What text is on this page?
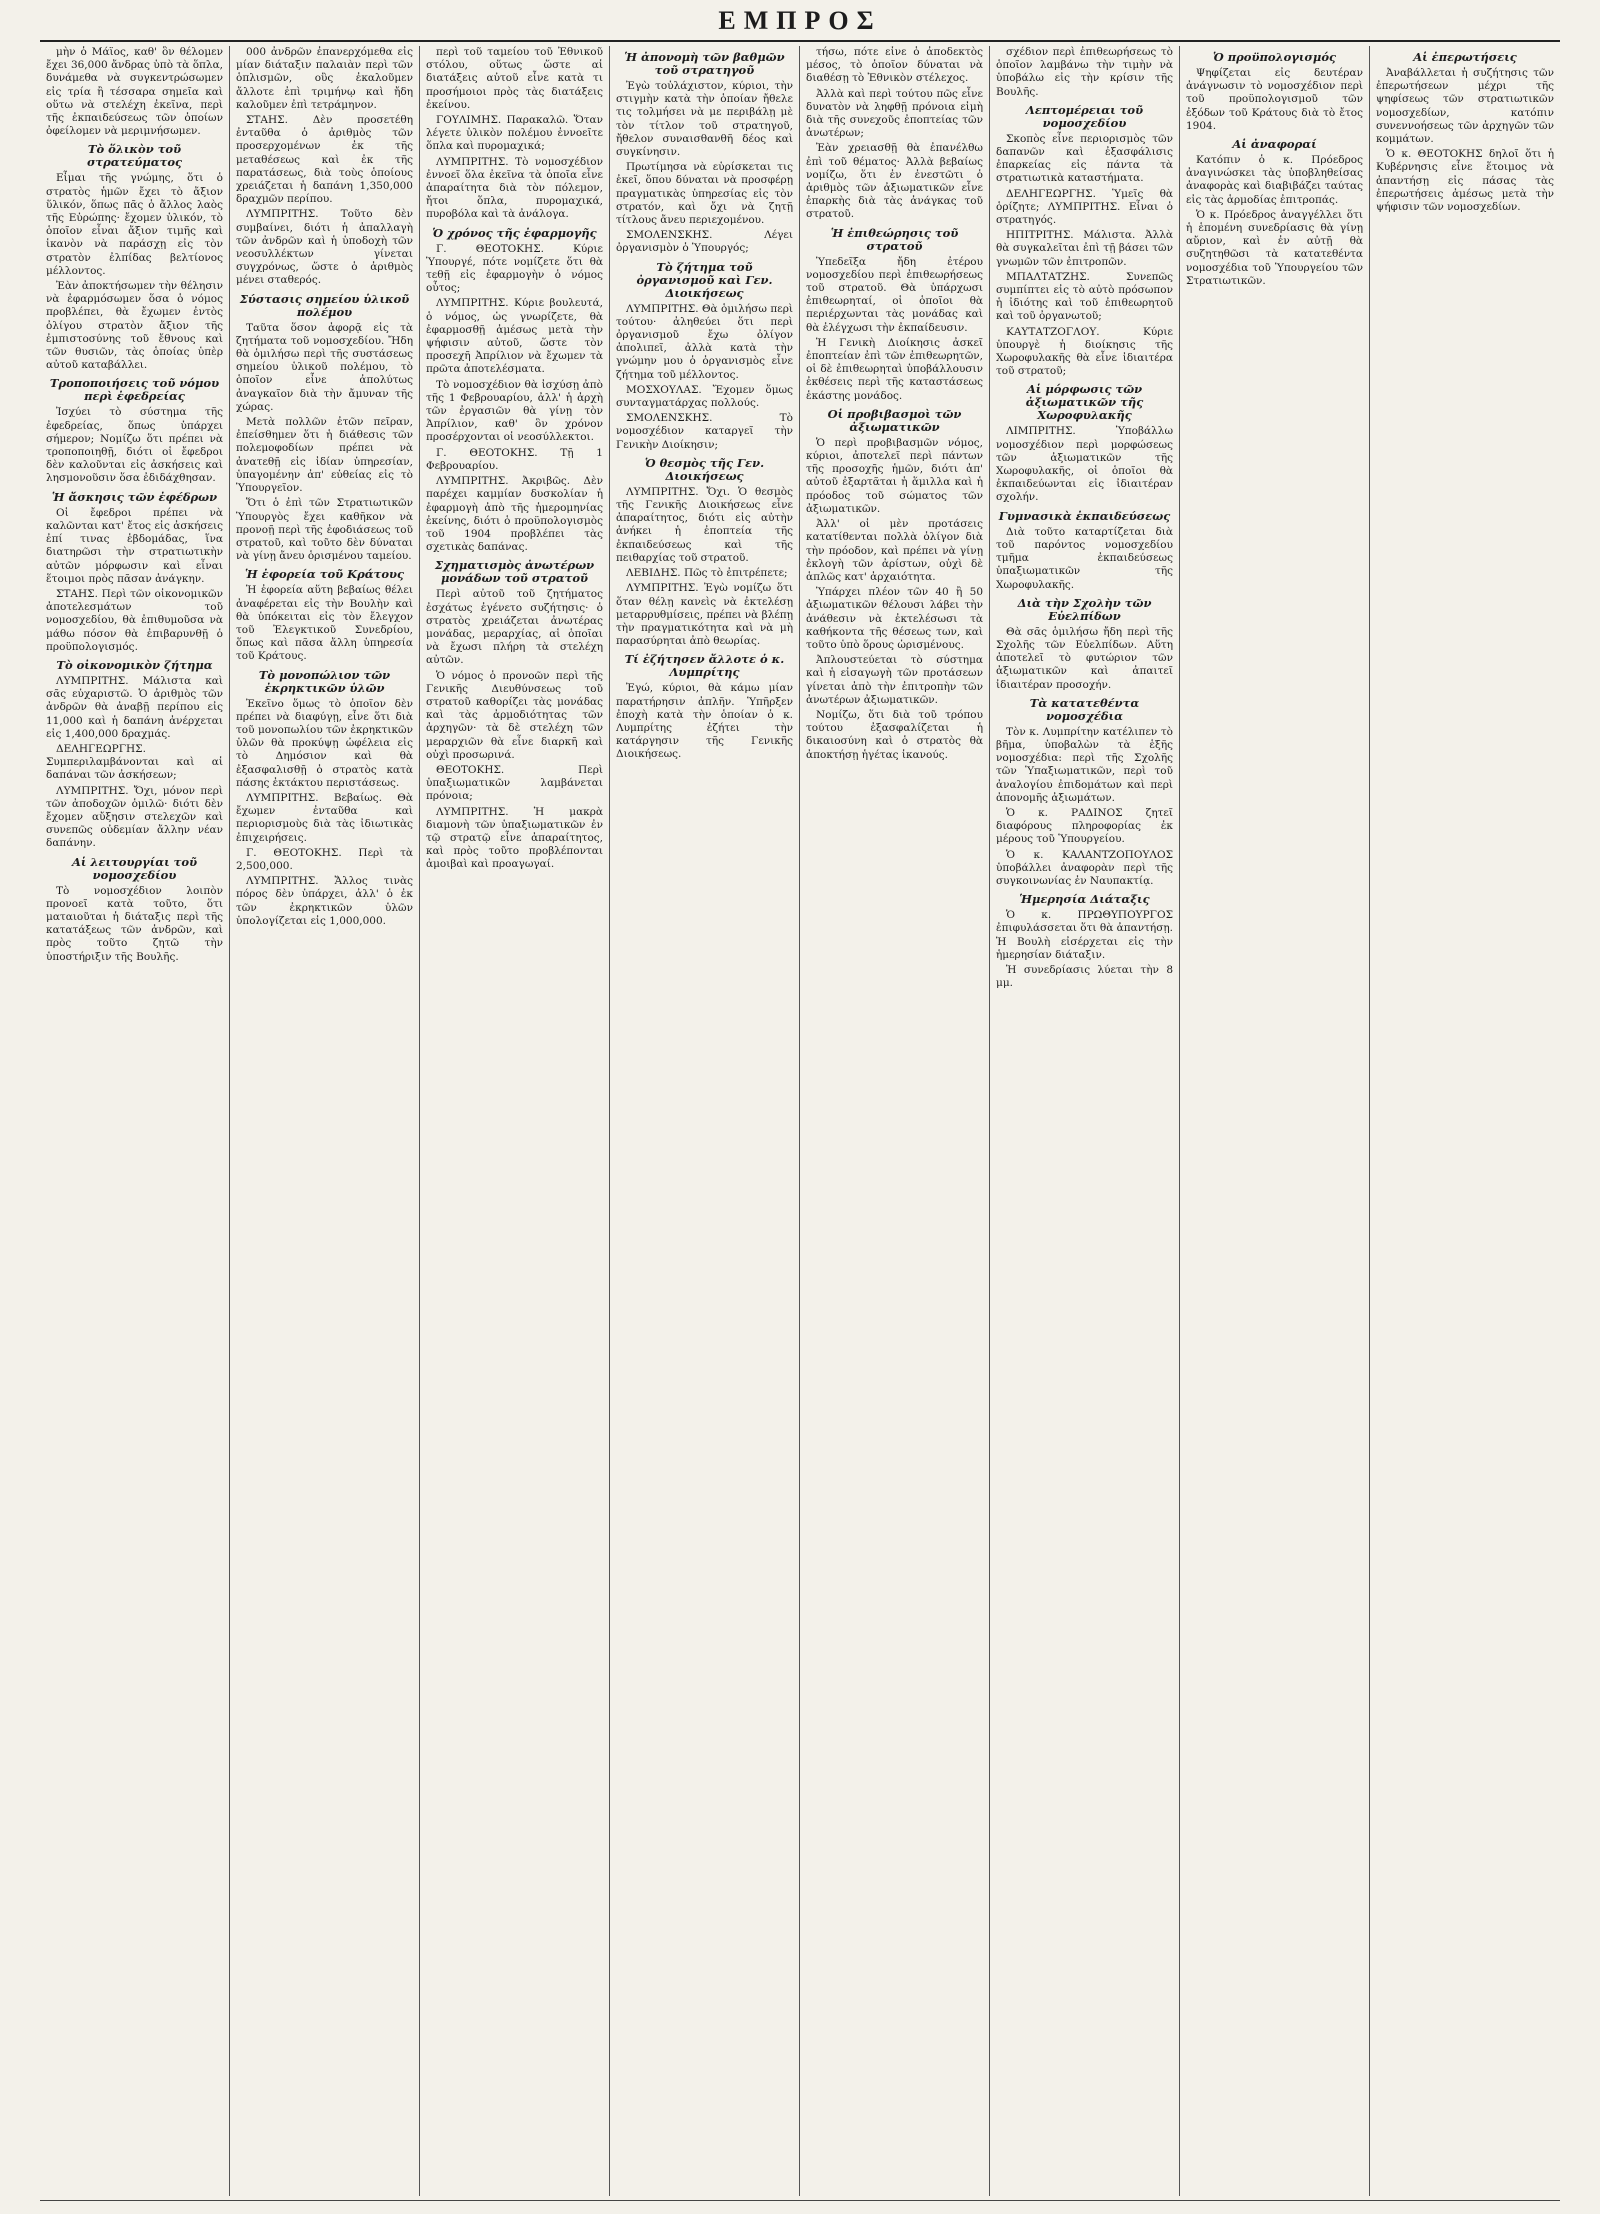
ΕΜΠΡΟΣ

μὴν ὁ Μάϊος, καθ' ὃν θέλομεν ἔχει 36,000 ἄνδρας ὑπὸ τὰ ὅπλα, δυνάμεθα νὰ συγκεντρώσωμεν εἰς τρία ἢ τέσσαρα σημεῖα καὶ οὕτω νὰ στελέχη ἐκεῖνα, περὶ τῆς ἐκπαιδεύσεως τῶν ὁποίων ὀφείλομεν νὰ μεριμνήσωμεν.

Τὸ ὅλικὸν τοῦ στρατεύματος

Εἶμαι τῆς γνώμης, ὅτι ὁ στρατὸς ἡμῶν ἔχει τὸ ἄξιον ὕλικόν, ὅπως πᾶς ὁ ἄλλος λαὸς τῆς Εὐρώπης· ἔχομεν ὑλικόν, τὸ ὁποῖον εἶναι ἄξιον τιμῆς καὶ ἱκανὸν νὰ παράσχῃ εἰς τὸν στρατὸν ἐλπίδας βελτίονος μέλλοντος.

Ἐὰν ἀποκτήσωμεν τὴν θέλησιν νὰ ἐφαρμόσωμεν ὅσα ὁ νόμος προβλέπει, θὰ ἔχωμεν ἐντὸς ὀλίγου στρατὸν ἄξιον τῆς ἐμπιστοσύνης τοῦ ἔθνους καὶ τῶν θυσιῶν, τὰς ὁποίας ὑπὲρ αὐτοῦ καταβάλλει.

Τροποποιήσεις τοῦ νόμου περὶ ἐφεδρείας

Ἰσχύει τὸ σύστημα τῆς ἐφεδρείας, ὅπως ὑπάρχει σήμερον; Νομίζω ὅτι πρέπει νὰ τροποποιηθῇ, διότι οἱ ἔφεδροι δὲν καλοῦνται εἰς ἀσκήσεις καὶ λησμονοῦσιν ὅσα ἐδιδάχθησαν.

Ἡ ἄσκησις τῶν ἐφέδρων

Οἱ ἔφεδροι πρέπει νὰ καλῶνται κατ' ἔτος εἰς ἀσκήσεις ἐπί τινας ἑβδομάδας, ἵνα διατηρῶσι τὴν στρατιωτικὴν αὐτῶν μόρφωσιν καὶ εἶναι ἕτοιμοι πρὸς πᾶσαν ἀνάγκην.

ΣΤΑΗΣ. Περὶ τῶν οἰκονομικῶν ἀποτελεσμάτων τοῦ νομοσχεδίου, θὰ ἐπιθυμοῦσα νὰ μάθω πόσον θὰ ἐπιβαρυνθῇ ὁ προϋπολογισμός.

Τὸ οἰκονομικὸν ζήτημα

ΛΥΜΠΡΙΤΗΣ. Μάλιστα καὶ σᾶς εὐχαριστῶ. Ὁ ἀριθμὸς τῶν ἀνδρῶν θὰ ἀναβῇ περίπου εἰς 11,000 καὶ ἡ δαπάνη ἀνέρχεται εἰς 1,400,000 δραχμάς.

ΔΕΛΗΓΕΩΡΓΗΣ. Συμπεριλαμβάνονται καὶ αἱ δαπάναι τῶν ἀσκήσεων;

ΛΥΜΠΡΙΤΗΣ. Ὄχι, μόνον περὶ τῶν ἀποδοχῶν ὁμιλῶ· διότι δὲν ἔχομεν αὔξησιν στελεχῶν καὶ συνεπῶς οὐδεμίαν ἄλλην νέαν δαπάνην.

Αἱ λειτουργίαι τοῦ νομοσχεδίου

Τὸ νομοσχέδιον λοιπὸν προνοεῖ κατὰ τοῦτο, ὅτι ματαιοῦται ἡ διάταξις περὶ τῆς κατατάξεως τῶν ἀνδρῶν, καὶ πρὸς τοῦτο ζητῶ τὴν ὑποστήριξιν τῆς Βουλῆς.

000 ἀνδρῶν ἐπανερχόμεθα εἰς μίαν διάταξιν παλαιὰν περὶ τῶν ὁπλισμῶν, οὓς ἐκαλοῦμεν ἄλλοτε ἐπὶ τριμήνῳ καὶ ἤδη καλοῦμεν ἐπὶ τετράμηνον.

ΣΤΑΗΣ. Δὲν προσετέθη ἐνταῦθα ὁ ἀριθμὸς τῶν προσερχομένων ἐκ τῆς μεταθέσεως καὶ ἐκ τῆς παρατάσεως, διὰ τοὺς ὁποίους χρειάζεται ἡ δαπάνη 1,350,000 δραχμῶν περίπου.

ΛΥΜΠΡΙΤΗΣ. Τοῦτο δὲν συμβαίνει, διότι ἡ ἀπαλλαγὴ τῶν ἀνδρῶν καὶ ἡ ὑποδοχὴ τῶν νεοσυλλέκτων γίνεται συγχρόνως, ὥστε ὁ ἀριθμὸς μένει σταθερός.

Σύστασις σημείου ὑλικοῦ πολέμου

Ταῦτα ὅσον ἀφορᾷ εἰς τὰ ζητήματα τοῦ νομοσχεδίου. Ἤδη θὰ ὁμιλήσω περὶ τῆς συστάσεως σημείου ὑλικοῦ πολέμου, τὸ ὁποῖον εἶνε ἀπολύτως ἀναγκαῖον διὰ τὴν ἄμυναν τῆς χώρας.

Μετὰ πολλῶν ἐτῶν πεῖραν, ἐπείσθημεν ὅτι ἡ διάθεσις τῶν πολεμοφοδίων πρέπει νὰ ἀνατεθῇ εἰς ἰδίαν ὑπηρεσίαν, ὑπαγομένην ἀπ' εὐθείας εἰς τὸ Ὑπουργεῖον.

Ὅτι ὁ ἐπὶ τῶν Στρατιωτικῶν Ὑπουργὸς ἔχει καθῆκον νὰ προνοῇ περὶ τῆς ἐφοδιάσεως τοῦ στρατοῦ, καὶ τοῦτο δὲν δύναται νὰ γίνῃ ἄνευ ὁρισμένου ταμείου.

Ἡ ἐφορεία τοῦ Κράτους

Ἡ ἐφορεία αὕτη βεβαίως θέλει ἀναφέρεται εἰς τὴν Βουλὴν καὶ θὰ ὑπόκειται εἰς τὸν ἔλεγχον τοῦ Ἐλεγκτικοῦ Συνεδρίου, ὅπως καὶ πᾶσα ἄλλη ὑπηρεσία τοῦ Κράτους.

Τὸ μονοπώλιον τῶν ἐκρηκτικῶν ὑλῶν

Ἐκεῖνο ὅμως τὸ ὁποῖον δὲν πρέπει νὰ διαφύγῃ, εἶνε ὅτι διὰ τοῦ μονοπωλίου τῶν ἐκρηκτικῶν ὑλῶν θὰ προκύψῃ ὠφέλεια εἰς τὸ Δημόσιον καὶ θὰ ἐξασφαλισθῇ ὁ στρατὸς κατὰ πάσης ἐκτάκτου περιστάσεως.

ΛΥΜΠΡΙΤΗΣ. Βεβαίως. Θὰ ἔχωμεν ἐνταῦθα καὶ περιορισμοὺς διὰ τὰς ἰδιωτικὰς ἐπιχειρήσεις.

Γ. ΘΕΟΤΟΚΗΣ. Περὶ τὰ 2,500,000.

ΛΥΜΠΡΙΤΗΣ. Ἄλλος τινὰς πόρος δὲν ὑπάρχει, ἀλλ' ὁ ἐκ τῶν ἐκρηκτικῶν ὑλῶν ὑπολογίζεται εἰς 1,000,000.

περὶ τοῦ ταμείου τοῦ Ἐθνικοῦ στόλου, οὕτως ὥστε αἱ διατάξεις αὐτοῦ εἶνε κατὰ τι προσήμοιοι πρὸς τὰς διατάξεις ἐκείνου.

ΓΟΥΛΙΜΗΣ. Παρακαλῶ. Ὅταν λέγετε ὑλικὸν πολέμου ἐννοεῖτε ὅπλα καὶ πυρομαχικά;

ΛΥΜΠΡΙΤΗΣ. Τὸ νομοσχέδιον ἐννοεῖ ὅλα ἐκεῖνα τὰ ὁποῖα εἶνε ἀπαραίτητα διὰ τὸν πόλεμον, ἤτοι ὅπλα, πυρομαχικά, πυροβόλα καὶ τὰ ἀνάλογα.

Ὁ χρόνος τῆς ἐφαρμογῆς

Γ. ΘΕΟΤΟΚΗΣ. Κύριε Ὑπουργέ, πότε νομίζετε ὅτι θὰ τεθῇ εἰς ἐφαρμογὴν ὁ νόμος οὗτος;

ΛΥΜΠΡΙΤΗΣ. Κύριε βουλευτά, ὁ νόμος, ὡς γνωρίζετε, θὰ ἐφαρμοσθῇ ἀμέσως μετὰ τὴν ψήφισιν αὐτοῦ, ὥστε τὸν προσεχῆ Ἀπρίλιον νὰ ἔχωμεν τὰ πρῶτα ἀποτελέσματα.

Τὸ νομοσχέδιον θὰ ἰσχύσῃ ἀπὸ τῆς 1 Φεβρουαρίου, ἀλλ' ἡ ἀρχὴ τῶν ἐργασιῶν θὰ γίνῃ τὸν Ἀπρίλιον, καθ' ὃν χρόνον προσέρχονται οἱ νεοσύλλεκτοι.

Γ. ΘΕΟΤΟΚΗΣ. Τῇ 1 Φεβρουαρίου.

ΛΥΜΠΡΙΤΗΣ. Ἀκριβῶς. Δὲν παρέχει καμμίαν δυσκολίαν ἡ ἐφαρμογὴ ἀπὸ τῆς ἡμερομηνίας ἐκείνης, διότι ὁ προϋπολογισμὸς τοῦ 1904 προβλέπει τὰς σχετικὰς δαπάνας.

Σχηματισμὸς ἀνωτέρων μονάδων τοῦ στρατοῦ

Περὶ αὐτοῦ τοῦ ζητήματος ἐσχάτως ἐγένετο συζήτησις· ὁ στρατὸς χρειάζεται ἀνωτέρας μονάδας, μεραρχίας, αἱ ὁποῖαι νὰ ἔχωσι πλήρη τὰ στελέχη αὐτῶν.

Ὁ νόμος ὁ προνοῶν περὶ τῆς Γενικῆς Διευθύνσεως τοῦ στρατοῦ καθορίζει τὰς μονάδας καὶ τὰς ἀρμοδιότητας τῶν ἀρχηγῶν· τὰ δὲ στελέχη τῶν μεραρχιῶν θὰ εἶνε διαρκῆ καὶ οὐχὶ προσωρινά.

ΘΕΟΤΟΚΗΣ. Περὶ ὑπαξιωματικῶν λαμβάνεται πρόνοια;

ΛΥΜΠΡΙΤΗΣ. Ἡ μακρὰ διαμονὴ τῶν ὑπαξιωματικῶν ἐν τῷ στρατῷ εἶνε ἀπαραίτητος, καὶ πρὸς τοῦτο προβλέπονται ἀμοιβαὶ καὶ προαγωγαί.

Ἡ ἀπονομὴ τῶν βαθμῶν τοῦ στρατηγοῦ

Ἐγὼ τοὐλάχιστον, κύριοι, τὴν στιγμὴν κατὰ τὴν ὁποίαν ἤθελε τις τολμήσει νὰ με περιβάλῃ μὲ τὸν τίτλον τοῦ στρατηγοῦ, ἤθελον συναισθανθῆ δέος καὶ συγκίνησιν.

Πρωτίμησα νὰ εὑρίσκεται τις ἐκεῖ, ὅπου δύναται νὰ προσφέρῃ πραγματικὰς ὑπηρεσίας εἰς τὸν στρατόν, καὶ ὄχι νὰ ζητῇ τίτλους ἄνευ περιεχομένου.

ΣΜΟΛΕΝΣΚΗΣ. Λέγει ὀργανισμὸν ὁ Ὑπουργός;

Τὸ ζήτημα τοῦ ὀργανισμοῦ καὶ Γεν. Διοικήσεως

ΛΥΜΠΡΙΤΗΣ. Θὰ ὁμιλήσω περὶ τούτου· ἀληθεύει ὅτι περὶ ὀργανισμοῦ ἔχω ὀλίγον ἀπολιπεῖ, ἀλλὰ κατὰ τὴν γνώμην μου ὁ ὀργανισμὸς εἶνε ζήτημα τοῦ μέλλοντος.

ΜΟΣΧΟΥΛΑΣ. Ἔχομεν ὅμως συνταγματάρχας πολλούς.

ΣΜΟΛΕΝΣΚΗΣ. Τὸ νομοσχέδιον καταργεῖ τὴν Γενικὴν Διοίκησιν;

Ὁ θεσμὸς τῆς Γεν. Διοικήσεως

ΛΥΜΠΡΙΤΗΣ. Ὄχι. Ὁ θεσμὸς τῆς Γενικῆς Διοικήσεως εἶνε ἀπαραίτητος, διότι εἰς αὐτὴν ἀνήκει ἡ ἐποπτεία τῆς ἐκπαιδεύσεως καὶ τῆς πειθαρχίας τοῦ στρατοῦ.

ΛΕΒΙΔΗΣ. Πῶς τὸ ἐπιτρέπετε;

ΛΥΜΠΡΙΤΗΣ. Ἐγὼ νομίζω ὅτι ὅταν θέλῃ κανεὶς νὰ ἐκτελέσῃ μεταρρυθμίσεις, πρέπει νὰ βλέπῃ τὴν πραγματικότητα καὶ νὰ μὴ παρασύρηται ἀπὸ θεωρίας.

Τί ἐζήτησεν ἄλλοτε ὁ κ. Λυμπρίτης

Ἐγώ, κύριοι, θὰ κάμω μίαν παρατήρησιν ἀπλῆν. Ὑπῆρξεν ἐποχὴ κατὰ τὴν ὁποίαν ὁ κ. Λυμπρίτης ἐζήτει τὴν κατάργησιν τῆς Γενικῆς Διοικήσεως.

τήσω, πότε εἶνε ὁ ἀποδεκτὸς μέσος, τὸ ὁποῖον δύναται νὰ διαθέσῃ τὸ Ἐθνικὸν στέλεχος.

Ἀλλὰ καὶ περὶ τούτου πῶς εἶνε δυνατὸν νὰ ληφθῇ πρόνοια εἰμὴ διὰ τῆς συνεχοῦς ἐποπτείας τῶν ἀνωτέρων;

Ἐὰν χρειασθῇ θὰ ἐπανέλθω ἐπὶ τοῦ θέματος· Ἀλλὰ βεβαίως νομίζω, ὅτι ἐν ἐνεστῶτι ὁ ἀριθμὸς τῶν ἀξιωματικῶν εἶνε ἐπαρκὴς διὰ τὰς ἀνάγκας τοῦ στρατοῦ.

Ἡ ἐπιθεώρησις τοῦ στρατοῦ

Ὑπεδεῖξα ἤδη ἐτέρου νομοσχεδίου περὶ ἐπιθεωρήσεως τοῦ στρατοῦ. Θὰ ὑπάρχωσι ἐπιθεωρηταί, οἱ ὁποῖοι θὰ περιέρχωνται τὰς μονάδας καὶ θὰ ἐλέγχωσι τὴν ἐκπαίδευσιν.

Ἡ Γενικὴ Διοίκησις ἀσκεῖ ἐποπτείαν ἐπὶ τῶν ἐπιθεωρητῶν, οἱ δὲ ἐπιθεωρηταὶ ὑποβάλλουσιν ἐκθέσεις περὶ τῆς καταστάσεως ἑκάστης μονάδος.

Οἱ προβιβασμοὶ τῶν ἀξιωματικῶν

Ὁ περὶ προβιβασμῶν νόμος, κύριοι, ἀποτελεῖ περὶ πάντων τῆς προσοχῆς ἡμῶν, διότι ἀπ' αὐτοῦ ἐξαρτᾶται ἡ ἅμιλλα καὶ ἡ πρόοδος τοῦ σώματος τῶν ἀξιωματικῶν.

Ἀλλ' οἱ μὲν προτάσεις κατατίθενται πολλὰ ὀλίγον διὰ τὴν πρόοδον, καὶ πρέπει νὰ γίνῃ ἐκλογὴ τῶν ἀρίστων, οὐχὶ δὲ ἁπλῶς κατ' ἀρχαιότητα.

Ὑπάρχει πλέον τῶν 40 ἢ 50 ἀξιωματικῶν θέλουσι λάβει τὴν ἀνάθεσιν νὰ ἐκτελέσωσι τὰ καθήκοντα τῆς θέσεως των, καὶ τοῦτο ὑπὸ ὅρους ὡρισμένους.

Ἀπλουστεύεται τὸ σύστημα καὶ ἡ εἰσαγωγὴ τῶν προτάσεων γίνεται ἀπὸ τὴν ἐπιτροπὴν τῶν ἀνωτέρων ἀξιωματικῶν.

Νομίζω, ὅτι διὰ τοῦ τρόπου τούτου ἐξασφαλίζεται ἡ δικαιοσύνη καὶ ὁ στρατὸς θὰ ἀποκτήσῃ ἡγέτας ἱκανούς.

σχέδιον περὶ ἐπιθεωρήσεως τὸ ὁποῖον λαμβάνω τὴν τιμὴν νὰ ὑποβάλω εἰς τὴν κρίσιν τῆς Βουλῆς.

Λεπτομέρειαι τοῦ νομοσχεδίου

Σκοπὸς εἶνε περιορισμὸς τῶν δαπανῶν καὶ ἐξασφάλισις ἐπαρκείας εἰς πάντα τὰ στρατιωτικὰ καταστήματα.

ΔΕΛΗΓΕΩΡΓΗΣ. Ὑμεῖς θὰ ὁρίζητε; ΛΥΜΠΡΙΤΗΣ. Εἶναι ὁ στρατηγός.

ΗΠΙΤΡΙΤΗΣ. Μάλιστα. Ἀλλὰ θὰ συγκαλεῖται ἐπὶ τῇ βάσει τῶν γνωμῶν τῶν ἐπιτροπῶν.

ΜΠΑΛΤΑΤΖΗΣ. Συνεπῶς συμπίπτει εἰς τὸ αὐτὸ πρόσωπον ἡ ἰδιότης καὶ τοῦ ἐπιθεωρητοῦ καὶ τοῦ ὀργανωτοῦ;

ΚΑΥΤΑΤΖΟΓΛΟΥ. Κύριε ὑπουργὲ ἡ διοίκησις τῆς Χωροφυλακῆς θὰ εἶνε ἰδιαιτέρα τοῦ στρατοῦ;

Αἱ μόρφωσις τῶν ἀξιωματικῶν τῆς Χωροφυλακῆς

ΛΙΜΠΡΙΤΗΣ. Ὑποβάλλω νομοσχέδιον περὶ μορφώσεως τῶν ἀξιωματικῶν τῆς Χωροφυλακῆς, οἱ ὁποῖοι θὰ ἐκπαιδεύωνται εἰς ἰδιαιτέραν σχολήν.

Γυμνασικὰ ἐκπαιδεύσεως

Διὰ τοῦτο καταρτίζεται διὰ τοῦ παρόντος νομοσχεδίου τμῆμα ἐκπαιδεύσεως ὑπαξιωματικῶν τῆς Χωροφυλακῆς.

Διὰ τὴν Σχολὴν τῶν Εὐελπίδων

Θὰ σᾶς ὁμιλήσω ἤδη περὶ τῆς Σχολῆς τῶν Εὐελπίδων. Αὕτη ἀποτελεῖ τὸ φυτώριον τῶν ἀξιωματικῶν καὶ ἀπαιτεῖ ἰδιαιτέραν προσοχήν.

Τὰ κατατεθέντα νομοσχέδια

Τὸν κ. Λυμπρίτην κατέλιπεν τὸ βῆμα, ὑποβαλὼν τὰ ἑξῆς νομοσχέδια: περὶ τῆς Σχολῆς τῶν Ὑπαξιωματικῶν, περὶ τοῦ ἀναλογίου ἐπιδομάτων καὶ περὶ ἀπονομῆς ἀξιωμάτων.

Ὁ κ. ΡΑΔΙΝΟΣ ζητεῖ διαφόρους πληροφορίας ἐκ μέρους τοῦ Ὑπουργείου.

Ὁ κ. ΚΑΛΑΝΤΖΟΠΟΥΛΟΣ ὑποβάλλει ἀναφορὰν περὶ τῆς συγκοινωνίας ἐν Ναυπακτίᾳ.

Ἡμερησία Διάταξις

Ὁ κ. ΠΡΩΘΥΠΟΥΡΓΟΣ ἐπιφυλάσσεται ὅτι θὰ ἀπαντήσῃ. Ἡ Βουλὴ εἰσέρχεται εἰς τὴν ἡμερησίαν διάταξιν.

Ἡ συνεδρίασις λύεται τὴν 8 μμ.

Ὁ προϋπολογισμός

Ψηφίζεται εἰς δευτέραν ἀνάγνωσιν τὸ νομοσχέδιον περὶ τοῦ προϋπολογισμοῦ τῶν ἐξόδων τοῦ Κράτους διὰ τὸ ἔτος 1904.

Αἱ ἀναφοραί

Κατόπιν ὁ κ. Πρόεδρος ἀναγινώσκει τὰς ὑποβληθείσας ἀναφορὰς καὶ διαβιβάζει ταύτας εἰς τὰς ἁρμοδίας ἐπιτροπάς.

Ὁ κ. Πρόεδρος ἀναγγέλλει ὅτι ἡ ἑπομένη συνεδρίασις θὰ γίνῃ αὔριον, καὶ ἐν αὐτῇ θὰ συζητηθῶσι τὰ κατατεθέντα νομοσχέδια τοῦ Ὑπουργείου τῶν Στρατιωτικῶν.

Αἱ ἐπερωτήσεις

Ἀναβάλλεται ἡ συζήτησις τῶν ἐπερωτήσεων μέχρι τῆς ψηφίσεως τῶν στρατιωτικῶν νομοσχεδίων, κατόπιν συνεννοήσεως τῶν ἀρχηγῶν τῶν κομμάτων.

Ὁ κ. ΘΕΟΤΟΚΗΣ δηλοῖ ὅτι ἡ Κυβέρνησις εἶνε ἕτοιμος νὰ ἀπαντήσῃ εἰς πάσας τὰς ἐπερωτήσεις ἀμέσως μετὰ τὴν ψήφισιν τῶν νομοσχεδίων.
